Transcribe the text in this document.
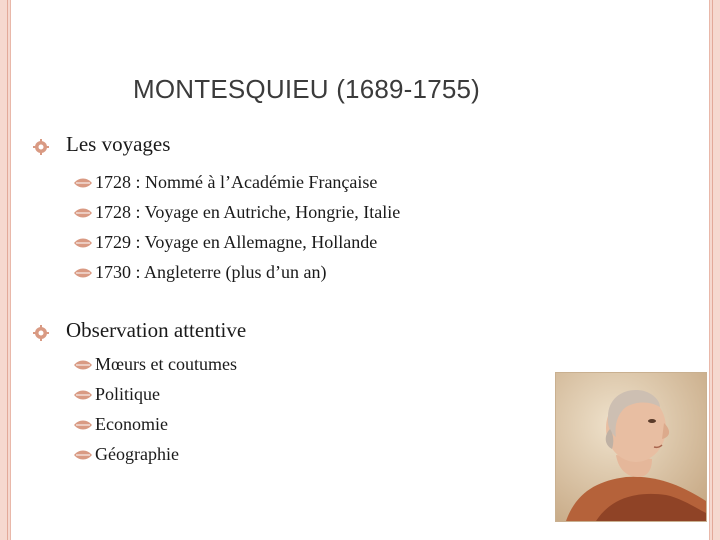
MONTESQUIEU (1689-1755)
Les voyages
1728 : Nommé à l’Académie Française
1728 : Voyage en Autriche, Hongrie, Italie
1729 : Voyage en Allemagne, Hollande
1730 : Angleterre (plus d’un an)
Observation attentive
Mœurs et coutumes
Politique
Economie
Géographie
